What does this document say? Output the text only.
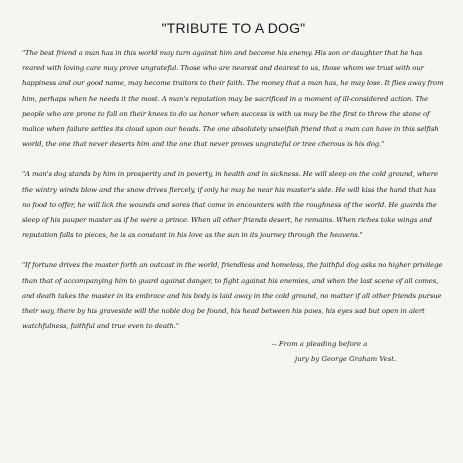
"TRIBUTE TO A DOG"

"The best friend a man has in this world may turn against him and become his enemy. His son or daughter that he has reared with loving care may prove ungrateful. Those who are nearest and dearest to us, those whom we trust with our happiness and our good name, may become traitors to their faith. The money that a man has, he may lose. It flies away from him, perhaps when he needs it the most. A man's reputation may be sacrificed in a moment of ill-considered action. The people who are prone to fall on their knees to do us honor when success is with us may be the first to throw the stone of malice when failure settles its cloud upon our heads. The one absolutely unselfish friend that a man can have in this selfish world, the one that never deserts him and the one that never proves ungrateful or tree cherous is his dog."

"A man's dog stands by him in prosperity and in poverty, in health and in sickness. He will sleep on the cold ground, where the wintry winds blow and the snow drives fiercely, if only he may be near his master's side. He will kiss the hand that has no food to offer, he will lick the wounds and sores that come in encounters with the roughness of the world. He guards the sleep of his pauper master as if he were a prince. When all other friends desert, he remains. When riches take wings and reputation falls to pieces, he is as constant in his love as the sun in its journey through the heavens."

"If fortune drives the master forth an outcast in the world, friendless and homeless, the faithful dog asks no higher privilege than that of accompanying him to guard against danger, to fight against his enemies, and when the last scene of all comes, and death takes the master in its embrace and his body is laid away in the cold ground, no matter if all other friends pursue their way, there by his graveside will the noble dog be found, his head between his paws, his eyes sad but open in alert watchfulness, faithful and true even to death."

-- From a pleading before a
jury by George Graham Vest.
